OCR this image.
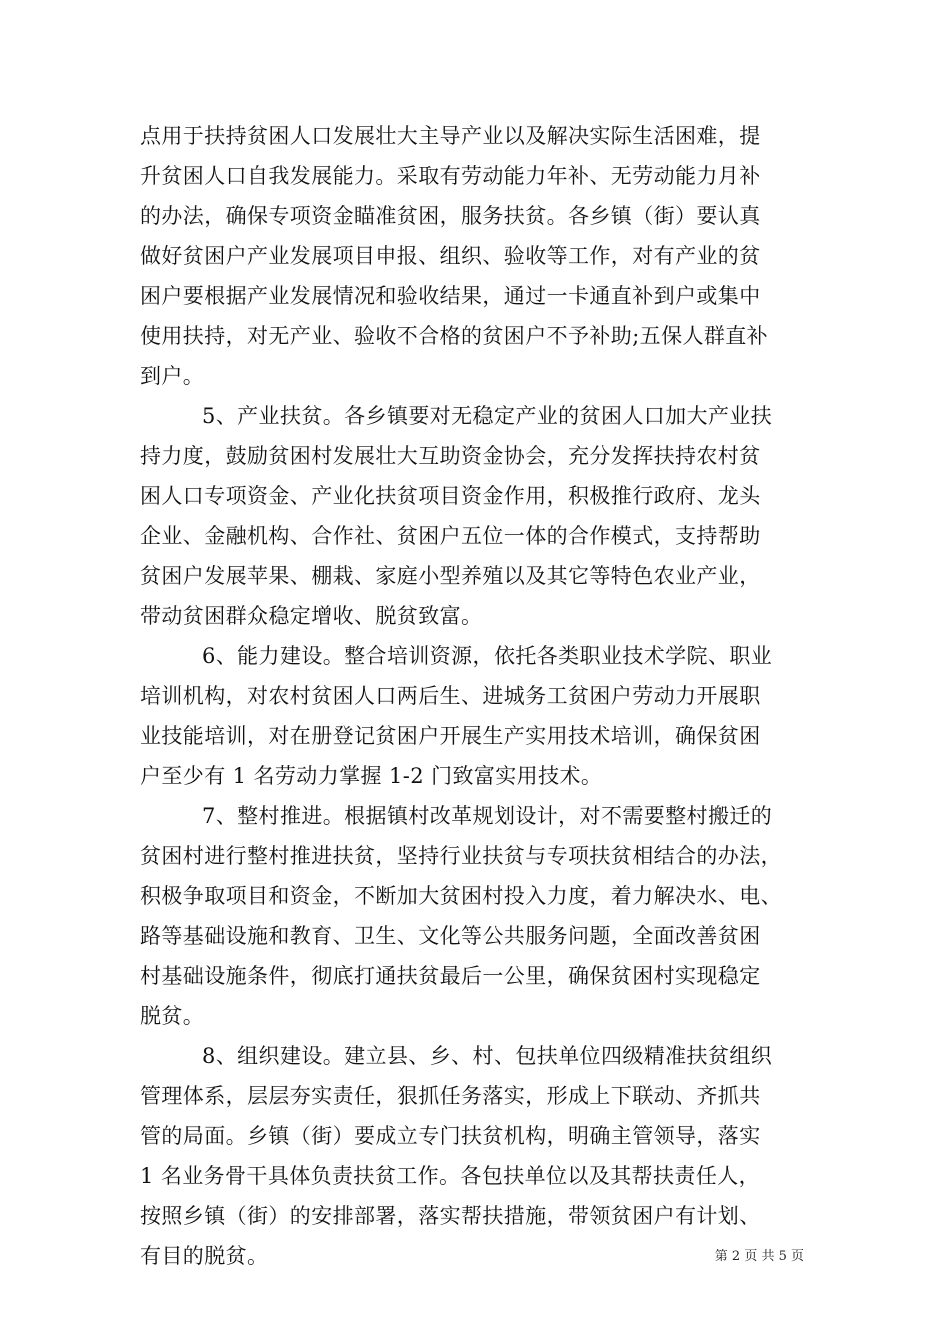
点用于扶持贫困人口发展壮大主导产业以及解决实际生活困难，提
升贫困人口自我发展能力。采取有劳动能力年补、无劳动能力月补
的办法，确保专项资金瞄准贫困，服务扶贫。各乡镇（街）要认真
做好贫困户产业发展项目申报、组织、验收等工作，对有产业的贫
困户要根据产业发展情况和验收结果，通过一卡通直补到户或集中
使用扶持，对无产业、验收不合格的贫困户不予补助;五保人群直补
到户。
5、产业扶贫。各乡镇要对无稳定产业的贫困人口加大产业扶
持力度，鼓励贫困村发展壮大互助资金协会，充分发挥扶持农村贫
困人口专项资金、产业化扶贫项目资金作用，积极推行政府、龙头
企业、金融机构、合作社、贫困户五位一体的合作模式，支持帮助
贫困户发展苹果、棚栽、家庭小型养殖以及其它等特色农业产业，
带动贫困群众稳定增收、脱贫致富。
6、能力建设。整合培训资源，依托各类职业技术学院、职业
培训机构，对农村贫困人口两后生、进城务工贫困户劳动力开展职
业技能培训，对在册登记贫困户开展生产实用技术培训，确保贫困
户至少有 1 名劳动力掌握 1-2 门致富实用技术。
7、整村推进。根据镇村改革规划设计，对不需要整村搬迁的
贫困村进行整村推进扶贫，坚持行业扶贫与专项扶贫相结合的办法，
积极争取项目和资金，不断加大贫困村投入力度，着力解决水、电、
路等基础设施和教育、卫生、文化等公共服务问题，全面改善贫困
村基础设施条件，彻底打通扶贫最后一公里，确保贫困村实现稳定
脱贫。
8、组织建设。建立县、乡、村、包扶单位四级精准扶贫组织
管理体系，层层夯实责任，狠抓任务落实，形成上下联动、齐抓共
管的局面。乡镇（街）要成立专门扶贫机构，明确主管领导，落实
1 名业务骨干具体负责扶贫工作。各包扶单位以及其帮扶责任人，
按照乡镇（街）的安排部署，落实帮扶措施，带领贫困户有计划、
有目的脱贫。	第 2 页 共 5 页
